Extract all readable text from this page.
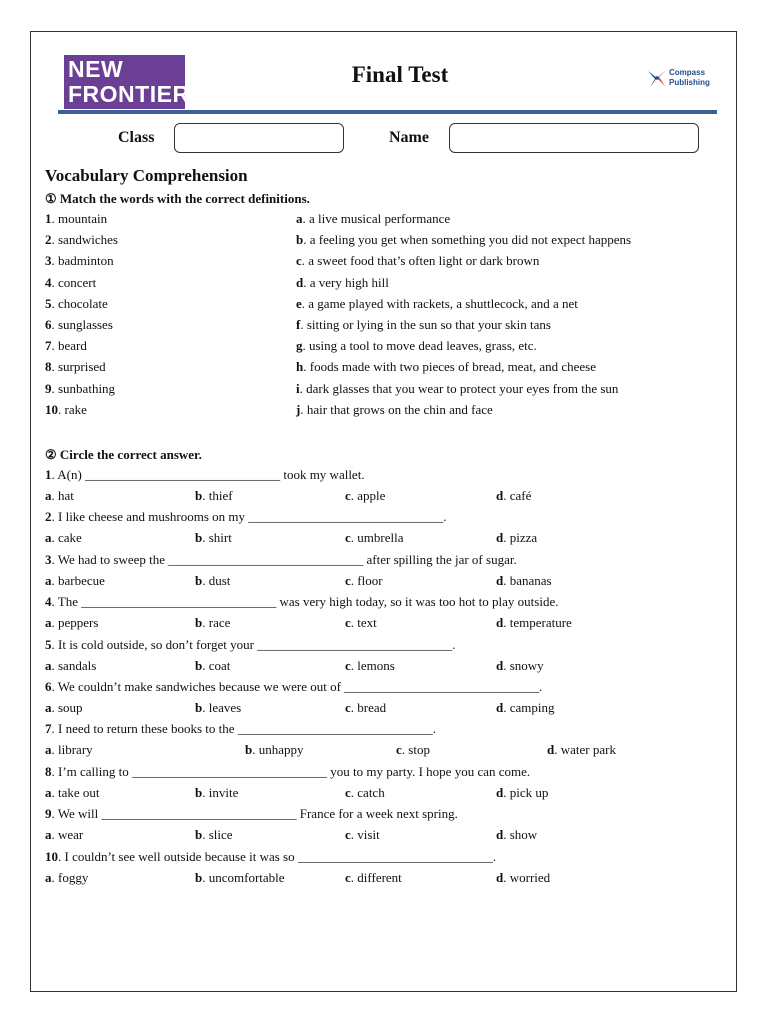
NEW
FRONTIERS
Final Test	Compass
Publishing
Class	Name
Vocabulary Comprehension
① Match the words with the correct definitions.
1. mountain	a. a live musical performance
2. sandwiches	b. a feeling you get when something you did not expect happens
3. badminton	c. a sweet food that’s often light or dark brown
4. concert	d. a very high hill
5. chocolate	e. a game played with rackets, a shuttlecock, and a net
6. sunglasses	f. sitting or lying in the sun so that your skin tans
7. beard	g. using a tool to move dead leaves, grass, etc.
8. surprised	h. foods made with two pieces of bread, meat, and cheese
9. sunbathing	i. dark glasses that you wear to protect your eyes from the sun
10. rake	j. hair that grows on the chin and face
② Circle the correct answer.
1. A(n) ______________________________ took my wallet.
a. hat	b. thief	c. apple	d. café
2. I like cheese and mushrooms on my ______________________________.
a. cake	b. shirt	c. umbrella	d. pizza
3. We had to sweep the ______________________________ after spilling the jar of sugar.
a. barbecue	b. dust	c. floor	d. bananas
4. The ______________________________ was very high today, so it was too hot to play outside.
a. peppers	b. race	c. text	d. temperature
5. It is cold outside, so don’t forget your ______________________________.
a. sandals	b. coat	c. lemons	d. snowy
6. We couldn’t make sandwiches because we were out of ______________________________.
a. soup	b. leaves	c. bread	d. camping
7. I need to return these books to the ______________________________.
a. library	b. unhappy	c. stop	d. water park
8. I’m calling to ______________________________ you to my party. I hope you can come.
a. take out	b. invite	c. catch	d. pick up
9. We will ______________________________ France for a week next spring.
a. wear	b. slice	c. visit	d. show
10. I couldn’t see well outside because it was so ______________________________.
a. foggy	b. uncomfortable	c. different	d. worried
